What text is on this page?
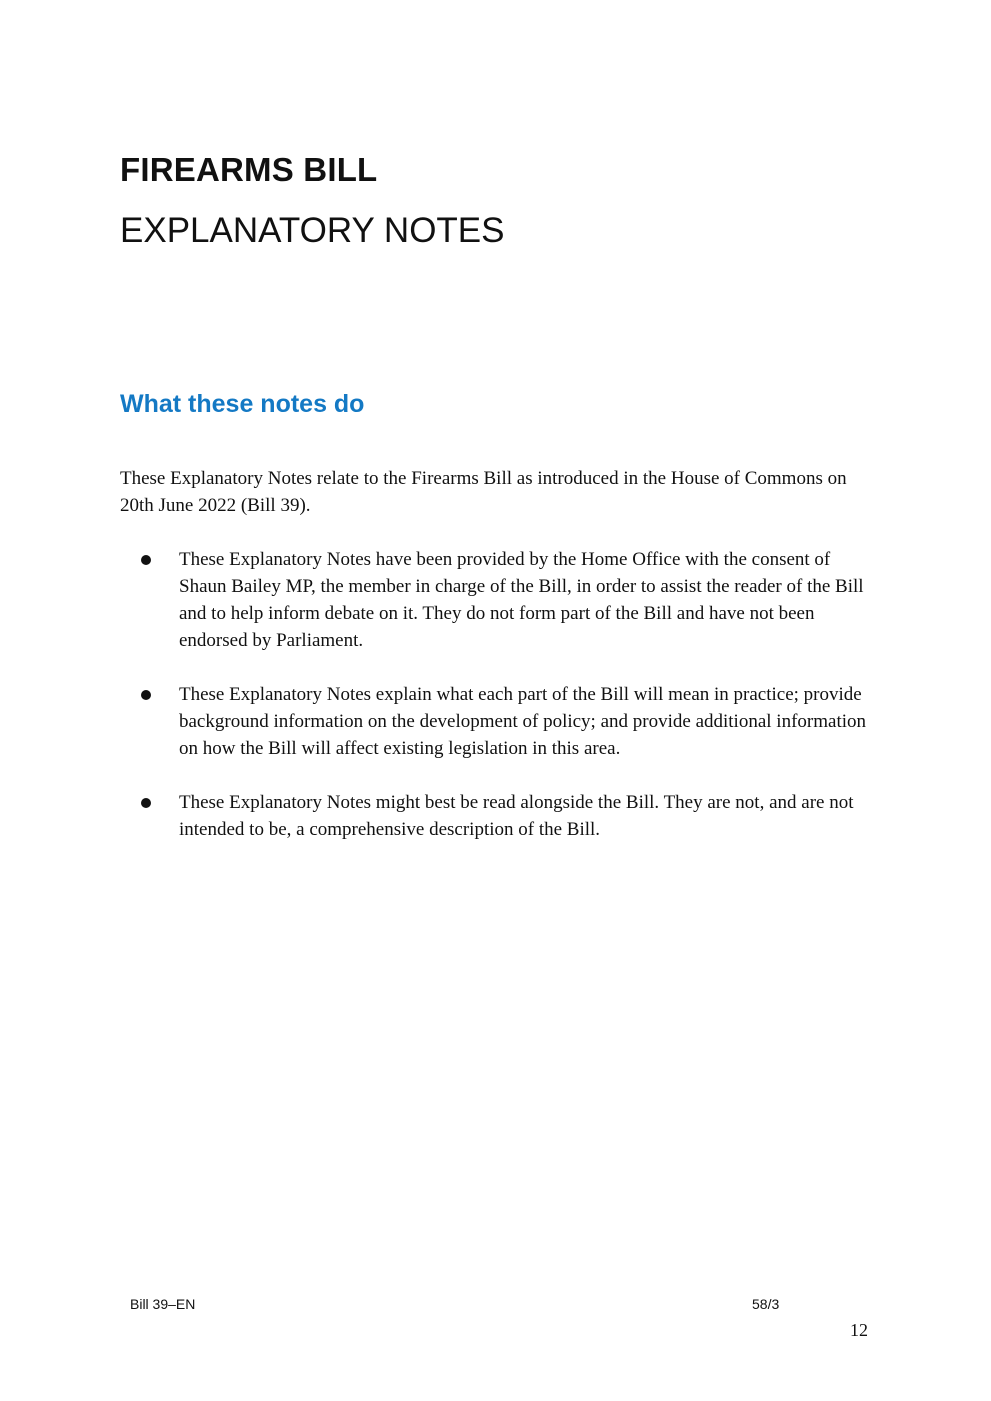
FIREARMS BILL
EXPLANATORY NOTES
What these notes do

These Explanatory Notes relate to the Firearms Bill as introduced in the House of Commons on 20th June 2022 (Bill 39).

These Explanatory Notes have been provided by the Home Office with the consent of Shaun Bailey MP, the member in charge of the Bill, in order to assist the reader of the Bill and to help inform debate on it. They do not form part of the Bill and have not been endorsed by Parliament.
These Explanatory Notes explain what each part of the Bill will mean in practice; provide background information on the development of policy; and provide additional information on how the Bill will affect existing legislation in this area.
These Explanatory Notes might best be read alongside the Bill. They are not, and are not intended to be, a comprehensive description of the Bill.

Bill 39–EN	58/3

12
